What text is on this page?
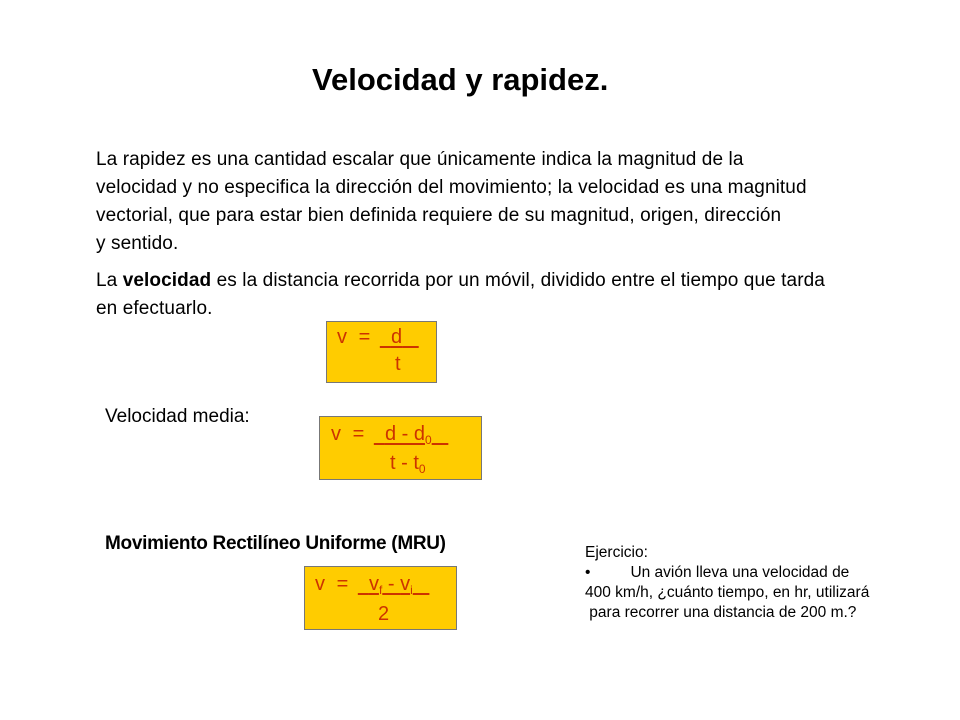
Velocidad y rapidez.
La rapidez es una cantidad escalar que únicamente indica la magnitud de la
velocidad y no especifica la dirección del movimiento; la velocidad es una magnitud
vectorial, que para estar bien definida requiere de su magnitud, origen, dirección
y sentido.
La velocidad es la distancia recorrida por un móvil, dividido entre el tiempo que tarda
en efectuarlo.
v = d
t
Velocidad media:
$v = d - d_0$
t - $t_0$
Movimiento Rectilíneo Uniforme (MRU)
$v = v_f - v_i$
2
Ejercicio:
•	Un avión lleva una velocidad de
400 km/h, ¿cuánto tiempo, en hr, utilizará
para recorrer una distancia de 200 m.?
